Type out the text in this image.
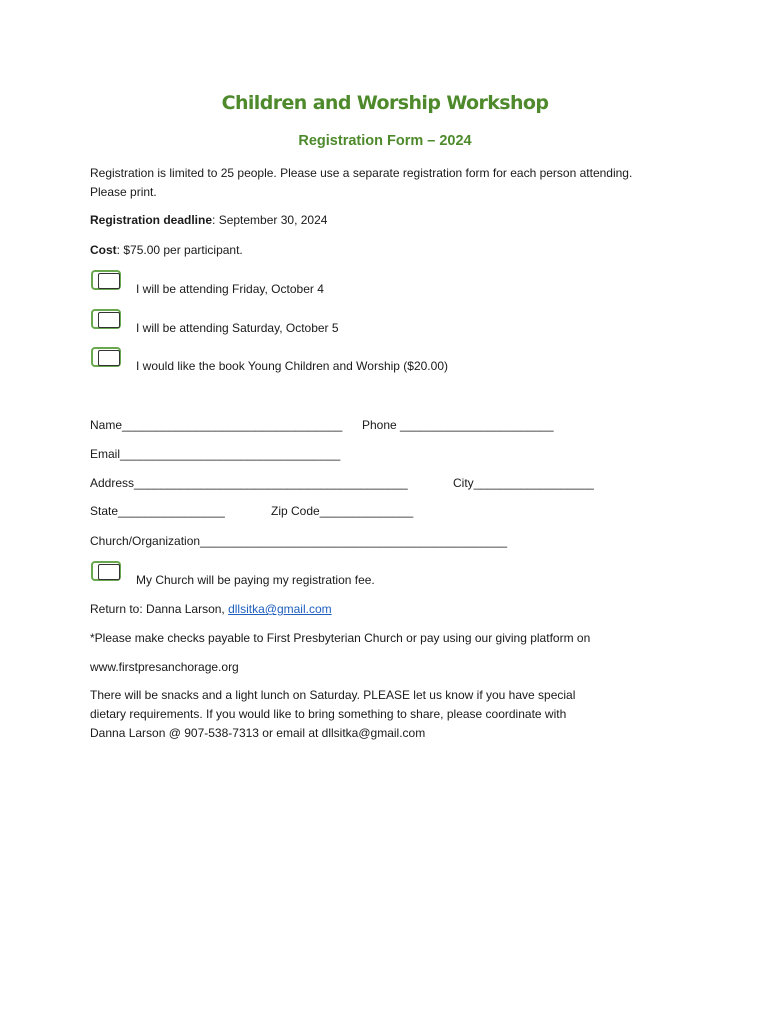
Children and Worship Workshop
Registration Form – 2024
Registration is limited to 25 people. Please use a separate registration form for each person attending.
Please print.
Registration deadline: September 30, 2024
Cost: $75.00 per participant.
I will be attending Friday, October 4
I will be attending Saturday, October 5
I would like the book Young Children and Worship ($20.00)
Name_________________________________ Phone _______________________
Email_________________________________
Address_________________________________________	City__________________
State________________	Zip Code______________
Church/Organization______________________________________________
My Church will be paying my registration fee.
Return to: Danna Larson, dllsitka@gmail.com
*Please make checks payable to First Presbyterian Church or pay using our giving platform on
www.firstpresanchorage.org
There will be snacks and a light lunch on Saturday. PLEASE let us know if you have special
dietary requirements. If you would like to bring something to share, please coordinate with
Danna Larson @ 907-538-7313 or email at dllsitka@gmail.com
